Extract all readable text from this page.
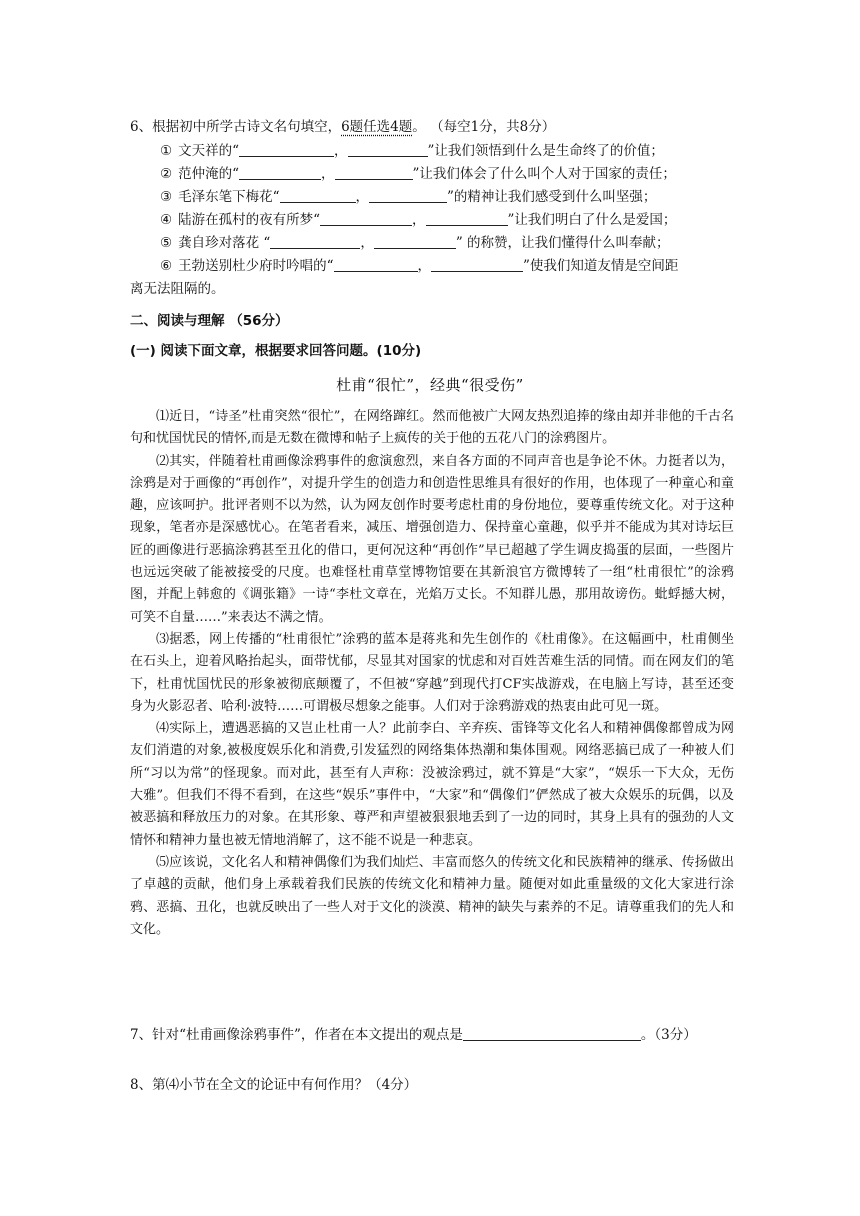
6、根据初中所学古诗文名句填空，6题任选4题。 （每空1分，共8分）
① 文天祥的“	，	”让我们领悟到什么是生命终了的价值；
② 范仲淹的“	，	”让我们体会了什么叫个人对于国家的责任；
③ 毛泽东笔下梅花“	，	”的精神让我们感受到什么叫坚强；
④ 陆游在孤村的夜有所梦“	，	”让我们明白了什么是爱国；
⑤ 龚自珍对落花 “	，	” 的称赞，让我们懂得什么叫奉献；
⑥ 王勃送别杜少府时吟唱的“	，	”使我们知道友情是空间距
离无法阻隔的。
二、阅读与理解 （56分）
(一) 阅读下面文章，根据要求回答问题。(10分)
杜甫“很忙”，经典“很受伤”

⑴近日，“诗圣”杜甫突然“很忙”，在网络蹿红。然而他被广大网友热烈追捧的缘由却并非他的千古名句和忧国忧民的情怀,而是无数在微博和帖子上疯传的关于他的五花八门的涂鸦图片。

⑵其实，伴随着杜甫画像涂鸦事件的愈演愈烈，来自各方面的不同声音也是争论不休。力挺者以为，涂鸦是对于画像的“再创作”，对提升学生的创造力和创造性思维具有很好的作用，也体现了一种童心和童趣，应该呵护。批评者则不以为然，认为网友创作时要考虑杜甫的身份地位，要尊重传统文化。对于这种现象，笔者亦是深感忧心。在笔者看来，减压、增强创造力、保持童心童趣，似乎并不能成为其对诗坛巨匠的画像进行恶搞涂鸦甚至丑化的借口，更何况这种“再创作”早已超越了学生调皮捣蛋的层面，一些图片也远远突破了能被接受的尺度。也难怪杜甫草堂博物馆要在其新浪官方微博转了一组“杜甫很忙”的涂鸦图，并配上韩愈的《调张籍》一诗“李杜文章在，光焰万丈长。不知群儿愚，那用故谤伤。蚍蜉撼大树，可笑不自量……”来表达不满之情。

⑶据悉，网上传播的“杜甫很忙”涂鸦的蓝本是蒋兆和先生创作的《杜甫像》。在这幅画中，杜甫侧坐在石头上，迎着风略抬起头，面带忧郁，尽显其对国家的忧虑和对百姓苦难生活的同情。而在网友们的笔下，杜甫忧国忧民的形象被彻底颠覆了，不但被“穿越”到现代打CF实战游戏，在电脑上写诗，甚至还变身为火影忍者、哈利·波特……可谓极尽想象之能事。人们对于涂鸦游戏的热衷由此可见一斑。

⑷实际上，遭遇恶搞的又岂止杜甫一人？此前李白、辛弃疾、雷锋等文化名人和精神偶像都曾成为网友们消遣的对象,被极度娱乐化和消费,引发猛烈的网络集体热潮和集体围观。网络恶搞已成了一种被人们所“习以为常”的怪现象。而对此，甚至有人声称：没被涂鸦过，就不算是“大家”，“娱乐一下大众，无伤大雅”。但我们不得不看到，在这些“娱乐”事件中，“大家”和“偶像们”俨然成了被大众娱乐的玩偶，以及被恶搞和释放压力的对象。在其形象、尊严和声望被狠狠地丢到了一边的同时，其身上具有的强劲的人文情怀和精神力量也被无情地消解了，这不能不说是一种悲哀。

⑸应该说，文化名人和精神偶像们为我们灿烂、丰富而悠久的传统文化和民族精神的继承、传扬做出了卓越的贡献，他们身上承载着我们民族的传统文化和精神力量。随便对如此重量级的文化大家进行涂鸦、恶搞、丑化，也就反映出了一些人对于文化的淡漠、精神的缺失与素养的不足。请尊重我们的先人和文化。

7、针对“杜甫画像涂鸦事件”，作者在本文提出的观点是	。（3分）
8、第⑷小节在全文的论证中有何作用？（4分）
